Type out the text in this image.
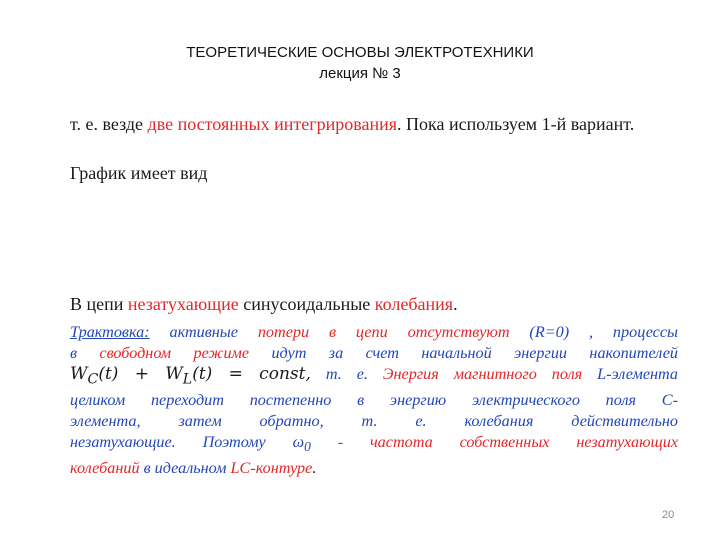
ТЕОРЕТИЧЕСКИЕ ОСНОВЫ ЭЛЕКТРОТЕХНИКИ
лекция № 3
т. е. везде две постоянных интегрирования. Пока используем 1-й вариант.
График имеет вид
В цепи незатухающие синусоидальные колебания.
Трактовка: активные потери в цепи отсутствуют (R=0) , процессы
в свободном режиме идут за счет начальной энергии накопителей
$W_C(t) + W_L(t)$ = const, т. е. Энергия магнитного поля L-элемента
целиком переходит постепенно в энергию электрического поля C-
элемента, затем обратно, т. е. колебания действительно
незатухающие. Поэтому $\omega_0$ - частота собственных незатухающих
колебаний в идеальном LC-контуре.
20
